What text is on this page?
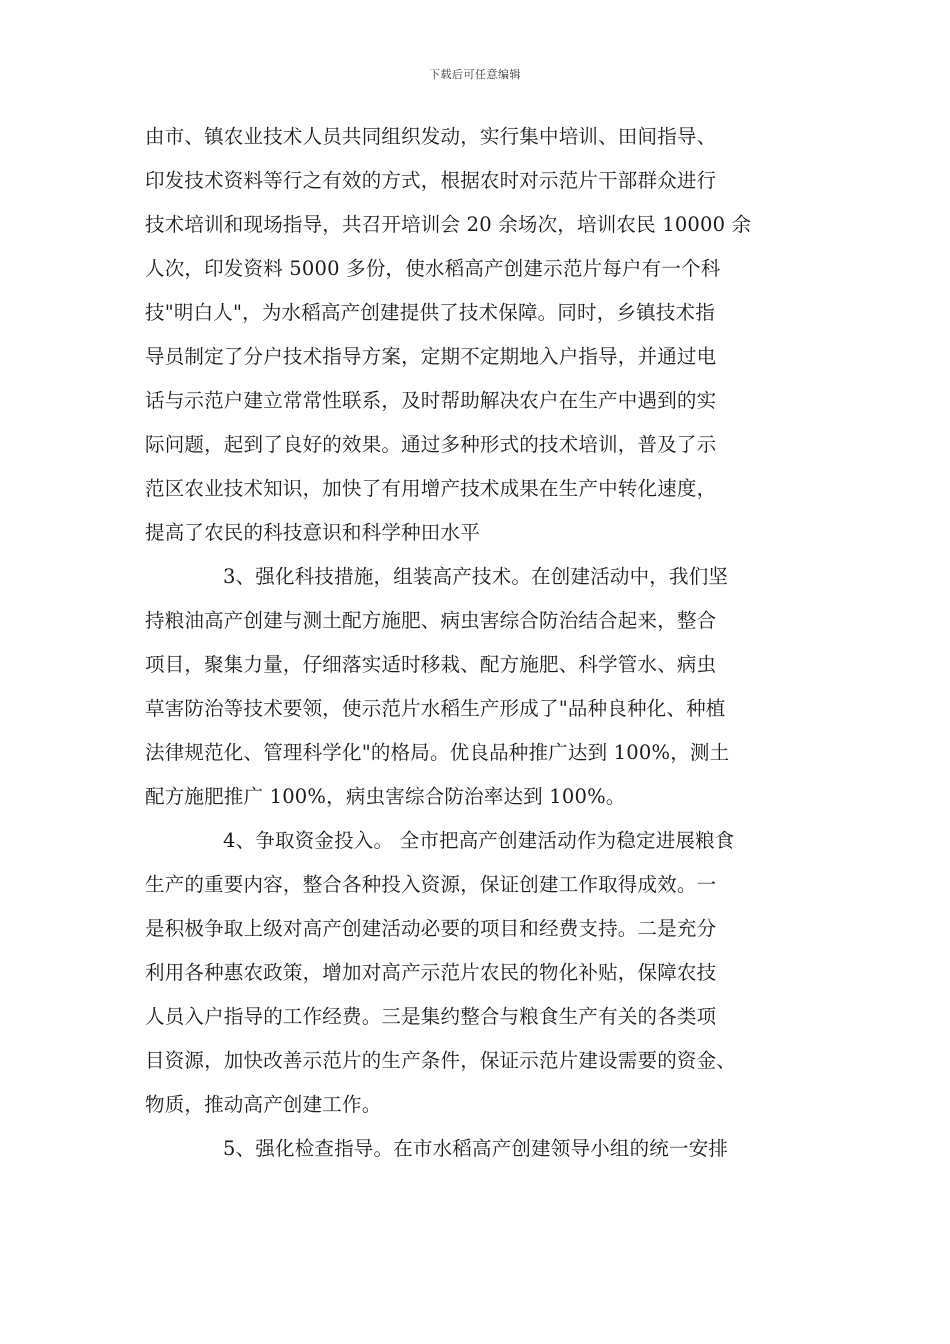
下载后可任意编辑
由市、镇农业技术人员共同组织发动，实行集中培训、田间指导、
印发技术资料等行之有效的方式，根据农时对示范片干部群众进行
技术培训和现场指导，共召开培训会 20 余场次，培训农民 10000 余
人次，印发资料 5000 多份，使水稻高产创建示范片每户有一个科
技"明白人"，为水稻高产创建提供了技术保障。同时，乡镇技术指
导员制定了分户技术指导方案，定期不定期地入户指导，并通过电
话与示范户建立常常性联系，及时帮助解决农户在生产中遇到的实
际问题，起到了良好的效果。通过多种形式的技术培训，普及了示
范区农业技术知识，加快了有用增产技术成果在生产中转化速度，
提高了农民的科技意识和科学种田水平
3、强化科技措施，组装高产技术。在创建活动中，我们坚
持粮油高产创建与测土配方施肥、病虫害综合防治结合起来，整合
项目，聚集力量，仔细落实适时移栽、配方施肥、科学管水、病虫
草害防治等技术要领，使示范片水稻生产形成了"品种良种化、种植
法律规范化、管理科学化"的格局。优良品种推广达到 100%，测土
配方施肥推广 100%，病虫害综合防治率达到 100%。
4、争取资金投入。 全市把高产创建活动作为稳定进展粮食
生产的重要内容，整合各种投入资源，保证创建工作取得成效。一
是积极争取上级对高产创建活动必要的项目和经费支持。二是充分
利用各种惠农政策，增加对高产示范片农民的物化补贴，保障农技
人员入户指导的工作经费。三是集约整合与粮食生产有关的各类项
目资源，加快改善示范片的生产条件，保证示范片建设需要的资金、
物质，推动高产创建工作。
5、强化检查指导。在市水稻高产创建领导小组的统一安排
